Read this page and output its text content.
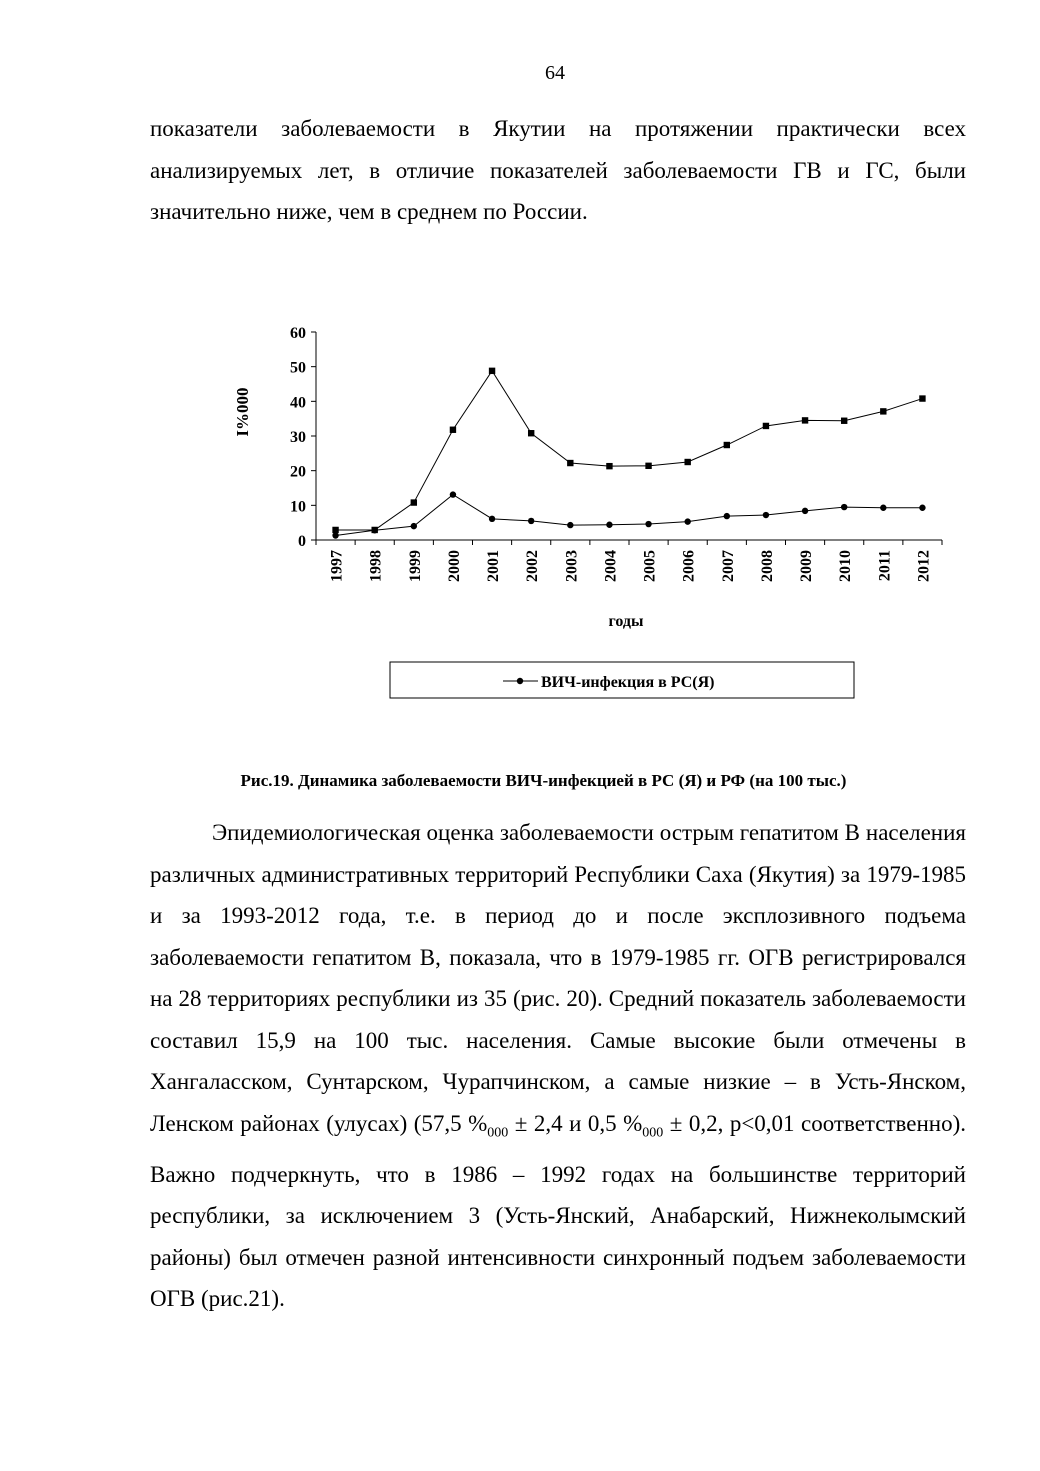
64

показатели заболеваемости в Якутии на протяжении практически всех анализируемых лет, в отличие показателей заболеваемости ГВ и ГС, были значительно ниже, чем в среднем по России.

0
10
20
30
40
50
60
1997 1998 1999 2000 2001 2002 2003 2004 2005 2006 2007 2008 2009 2010 2011 2012
I%000
годы
ВИЧ-инфекция в РС(Я)
Рис.19. Динамика заболеваемости ВИЧ-инфекцией в РС (Я) и РФ (на 100 тыс.)

Эпидемиологическая оценка заболеваемости острым гепатитом В населения различных административных территорий Республики Саха (Якутия) за 1979-1985 и за 1993-2012 года, т.е. в период до и после эксплозивного подъема заболеваемости гепатитом В, показала, что в 1979-1985 гг. ОГВ регистрировался на 28 территориях республики из 35 (рис. 20). Средний показатель заболеваемости составил 15,9 на 100 тыс. населения. Самые высокие были отмечены в Хангаласском, Сунтарском, Чурапчинском, а самые низкие – в Усть-Янском, Ленском районах (улусах) (57,5 $\%_{000} \pm 2,4$ и 0,5 $\%_{000} \pm 0,2$, р<0,01 соответственно). Важно подчеркнуть, что в 1986 – 1992 годах на большинстве территорий республики, за исключением 3 (Усть-Янский, Анабарский, Нижнеколымский районы) был отмечен разной интенсивности синхронный подъем заболеваемости ОГВ (рис.21).
